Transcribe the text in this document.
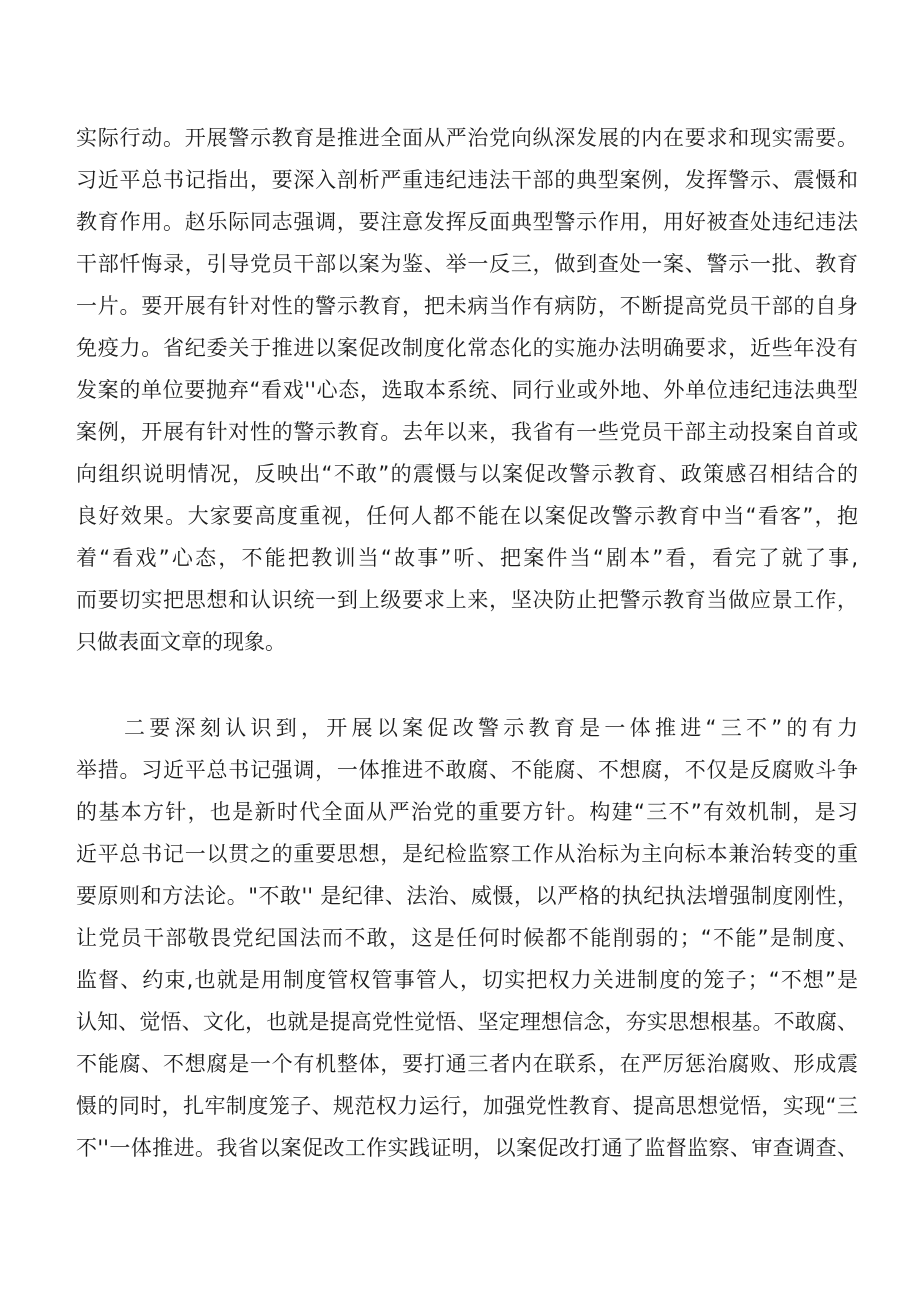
实际行动。开展警示教育是推进全面从严治党向纵深发展的内在要求和现实需要。
习近平总书记指出，要深入剖析严重违纪违法干部的典型案例，发挥警示、震慑和
教育作用。赵乐际同志强调，要注意发挥反面典型警示作用，用好被查处违纪违法
干部忏悔录，引导党员干部以案为鉴、举一反三，做到查处一案、警示一批、教育
一片。要开展有针对性的警示教育，把未病当作有病防，不断提高党员干部的自身
免疫力。省纪委关于推进以案促改制度化常态化的实施办法明确要求，近些年没有
发案的单位要抛弃“看戏''心态，选取本系统、同行业或外地、外单位违纪违法典型
案例，开展有针对性的警示教育。去年以来，我省有一些党员干部主动投案自首或
向组织说明情况，反映出“不敢”的震慑与以案促改警示教育、政策感召相结合的
良好效果。大家要高度重视，任何人都不能在以案促改警示教育中当“看客”，抱
着“看戏”心态，不能把教训当“故事”听、把案件当“剧本”看，看完了就了事,
而要切实把思想和认识统一到上级要求上来，坚决防止把警示教育当做应景工作，
只做表面文章的现象。
二要深刻认识到，开展以案促改警示教育是一体推进“三不”的有力
举措。习近平总书记强调，一体推进不敢腐、不能腐、不想腐，不仅是反腐败斗争
的基本方针，也是新时代全面从严治党的重要方针。构建“三不”有效机制，是习
近平总书记一以贯之的重要思想，是纪检监察工作从治标为主向标本兼治转变的重
要原则和方法论。"不敢'' 是纪律、法治、威慑，以严格的执纪执法增强制度刚性，
让党员干部敬畏党纪国法而不敢，这是任何时候都不能削弱的；“不能”是制度、
监督、约束,也就是用制度管权管事管人，切实把权力关进制度的笼子；“不想”是
认知、觉悟、文化，也就是提高党性觉悟、坚定理想信念，夯实思想根基。不敢腐、
不能腐、不想腐是一个有机整体，要打通三者内在联系，在严厉惩治腐败、形成震
慑的同时，扎牢制度笼子、规范权力运行，加强党性教育、提高思想觉悟，实现“三
不''一体推进。我省以案促改工作实践证明，以案促改打通了监督监察、审查调查、
